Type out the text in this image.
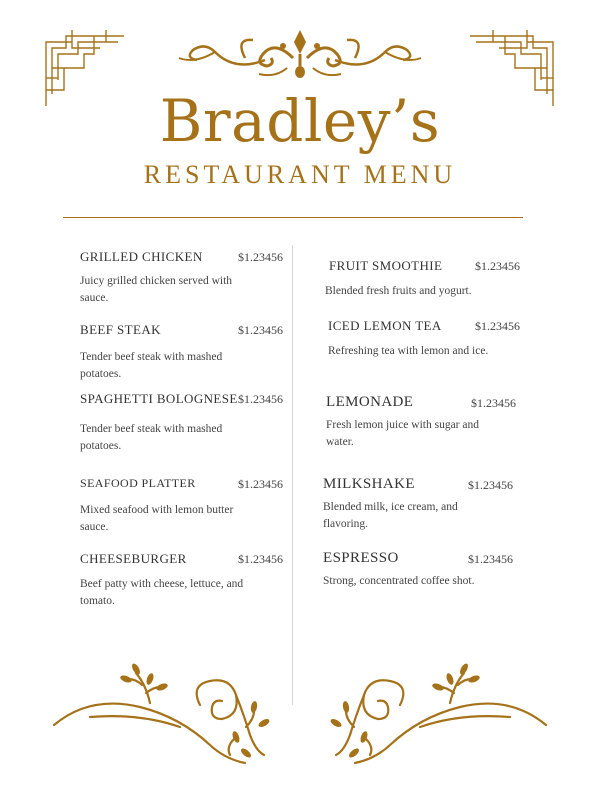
Bradley’s
RESTAURANT MENU
GRILLED CHICKEN	$1.23456
Juicy grilled chicken served with sauce.
BEEF STEAK	$1.23456
Tender beef steak with mashed potatoes.
SPAGHETTI BOLOGNESE $1.23456
Tender beef steak with mashed potatoes.
SEAFOOD PLATTER	$1.23456
Mixed seafood with lemon butter sauce.
CHEESEBURGER	$1.23456
Beef patty with cheese, lettuce, and tomato.
FRUIT SMOOTHIE	$1.23456
Blended fresh fruits and yogurt.
ICED LEMON TEA	$1.23456
Refreshing tea with lemon and ice.
LEMONADE	$1.23456
Fresh lemon juice with sugar and water.
MILKSHAKE	$1.23456
Blended milk, ice cream, and flavoring.
ESPRESSO	$1.23456
Strong, concentrated coffee shot.
